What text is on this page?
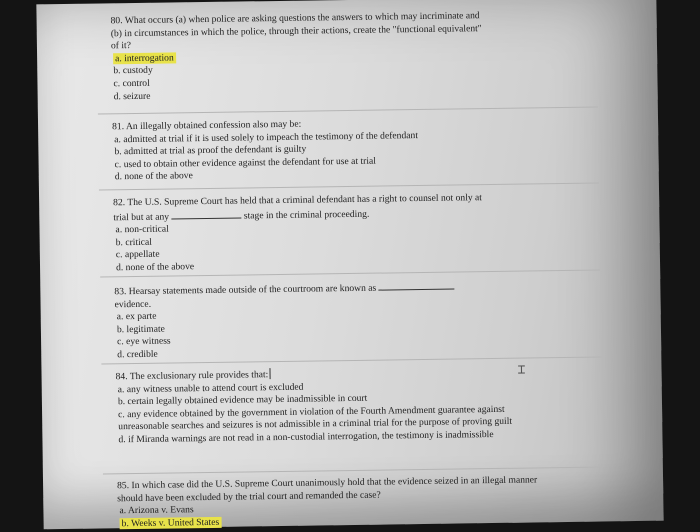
80. What occurs (a) when police are asking questions the answers to which may incriminate and
(b) in circumstances in which the police, through their actions, create the "functional equivalent"
of it?

a. interrogation
b. custody
c. control
d. seizure

81. An illegally obtained confession also may be:

a. admitted at trial if it is used solely to impeach the testimony of the defendant
b. admitted at trial as proof the defendant is guilty
c. used to obtain other evidence against the defendant for use at trial
d. none of the above

82. The U.S. Supreme Court has held that a criminal defendant has a right to counsel not only at
trial but at any	stage in the criminal proceeding.

a. non-critical
b. critical
c. appellate
d. none of the above

83. Hearsay statements made outside of the courtroom are known as
evidence.

a. ex parte
b. legitimate
c. eye witness
d. credible

84. The exclusionary rule provides that:

a. any witness unable to attend court is excluded
b. certain legally obtained evidence may be inadmissible in court
c. any evidence obtained by the government in violation of the Fourth Amendment guarantee against unreasonable searches and seizures is not admissible in a criminal trial for the purpose of proving guilt
d. if Miranda warnings are not read in a non-custodial interrogation, the testimony is inadmissible
⌶

85. In which case did the U.S. Supreme Court unanimously hold that the evidence seized in an illegal manner should have been excluded by the trial court and remanded the case?

a. Arizona v. Evans
b. Weeks v. United States
